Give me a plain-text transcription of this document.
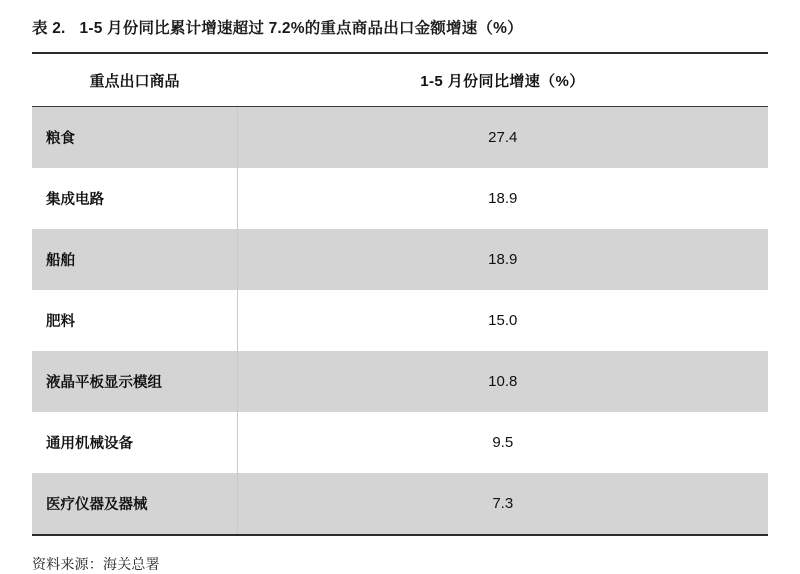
表 2. 1-5 月份同比累计增速超过 7.2%的重点商品出口金额增速（%）
重点出口商品	1-5 月份同比增速（%）
粮食	27.4
集成电路	18.9
船舶	18.9
肥料	15.0
液晶平板显示模组	10.8
通用机械设备	9.5
医疗仪器及器械	7.3
资料来源：海关总署
